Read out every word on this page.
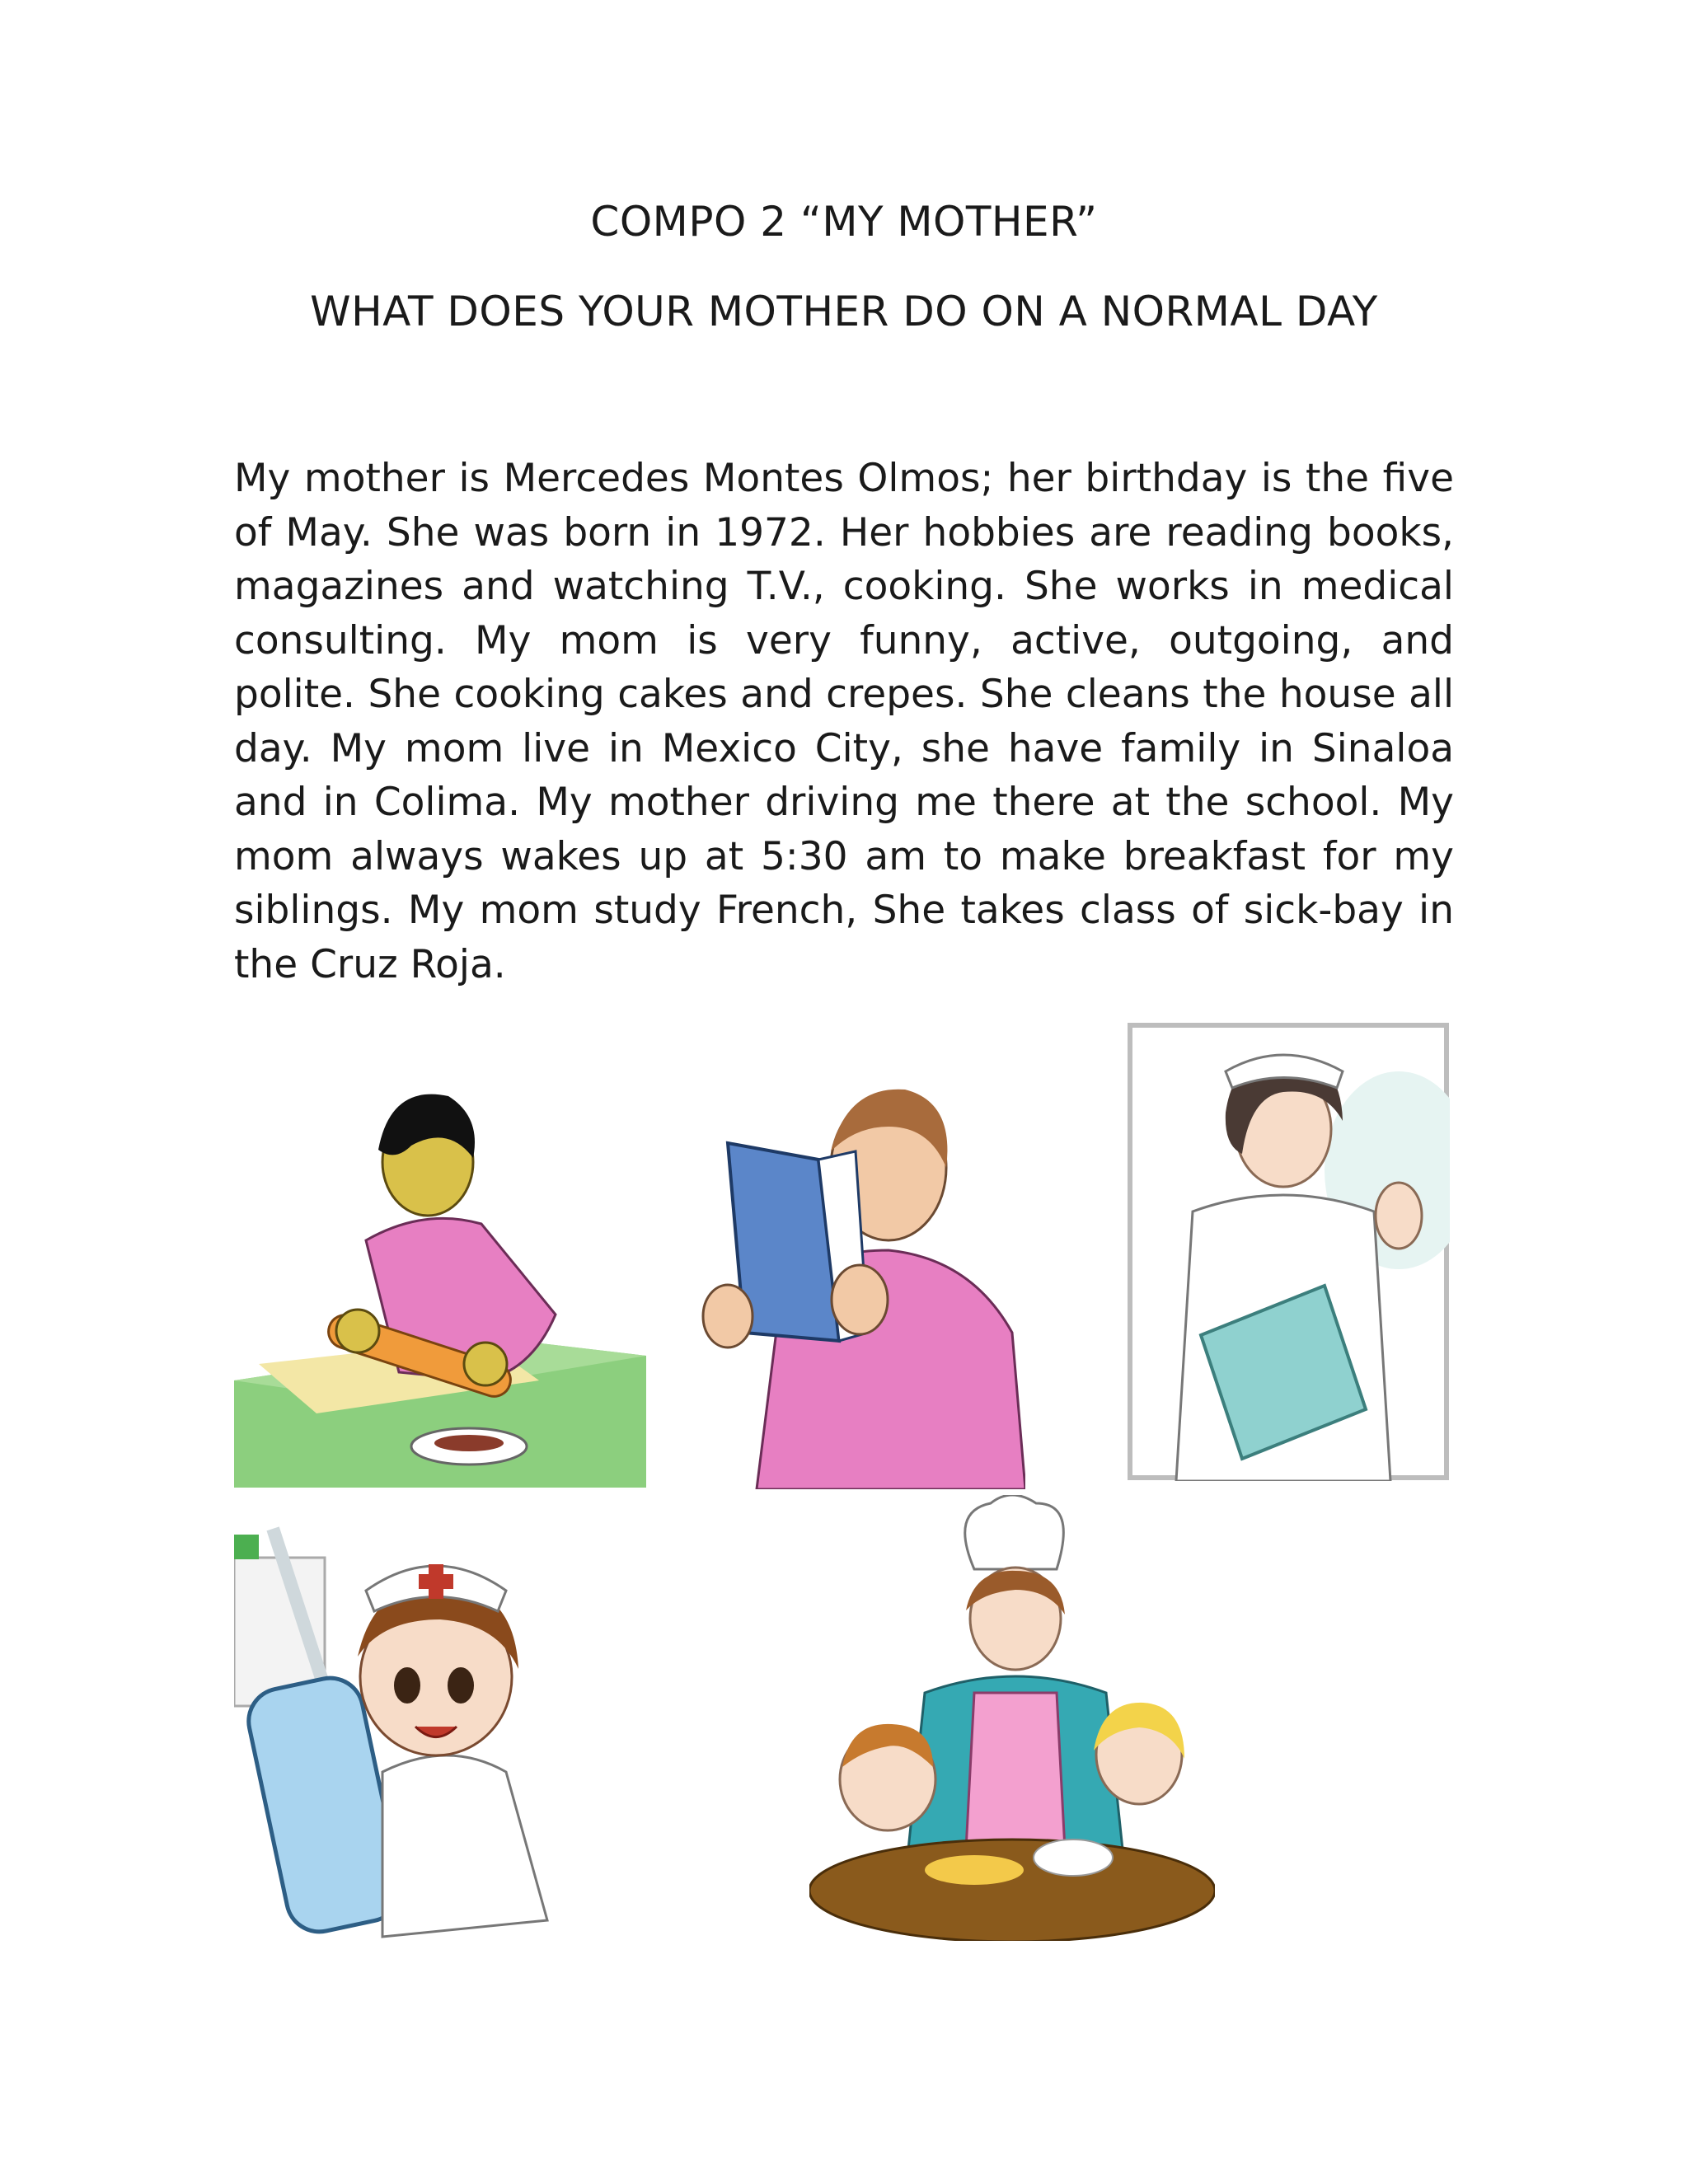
COMPO 2 “MY MOTHER”
WHAT DOES YOUR MOTHER DO ON A NORMAL DAY

My mother is Mercedes Montes Olmos; her birthday is the five of May. She was born in 1972. Her hobbies are reading books, magazines and watching T.V., cooking. She works in medical consulting. My mom is very funny, active, outgoing, and polite. She cooking cakes and crepes. She cleans the house all day. My mom live in Mexico City, she have family in Sinaloa and in Colima. My mother driving me there at the school. My mom always wakes up at 5:30 am to make breakfast for my siblings. My mom study French, She takes class of sick-bay in the Cruz Roja.
